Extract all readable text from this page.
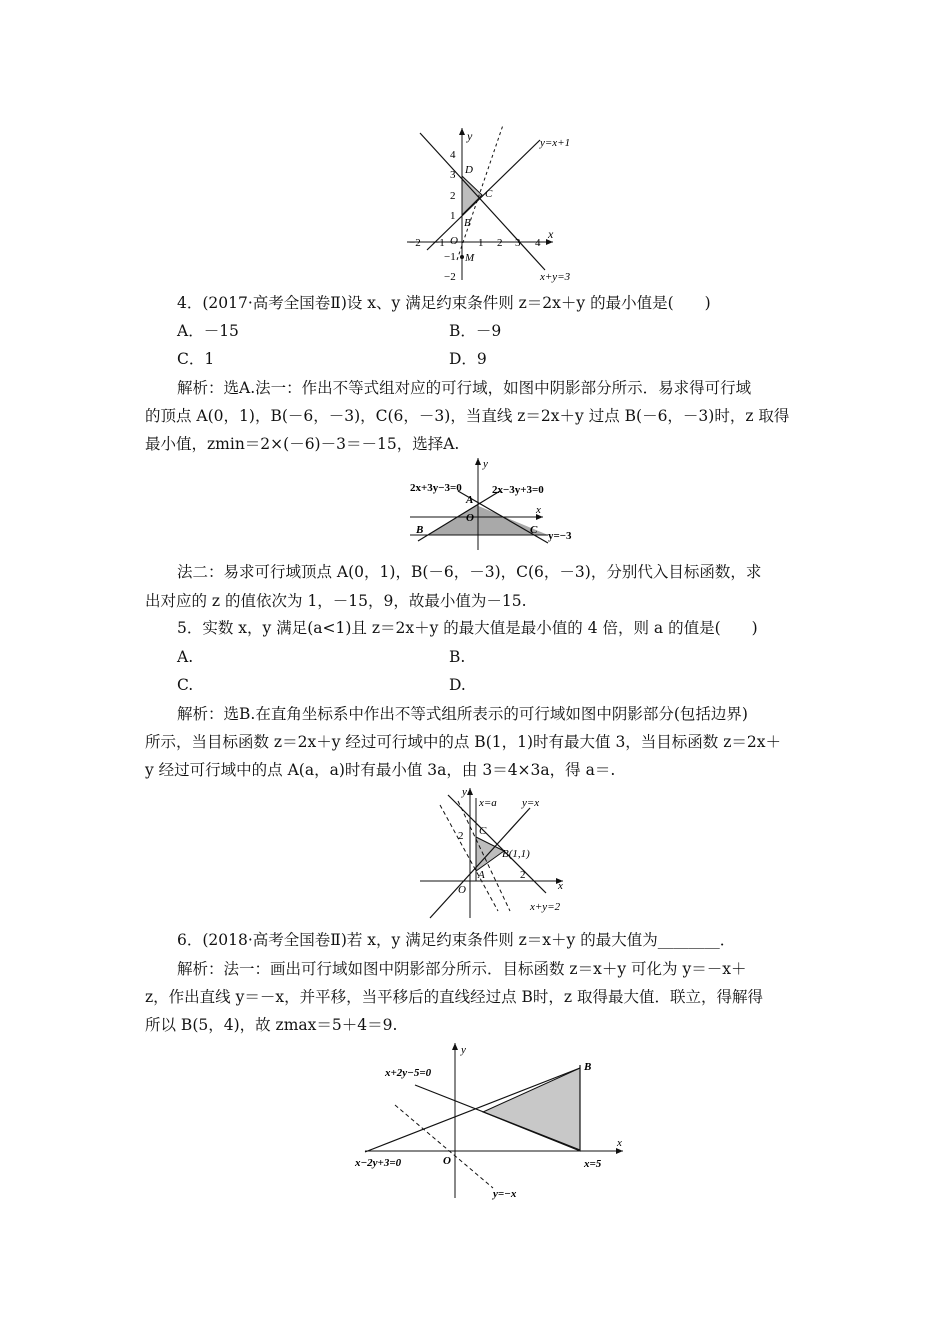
y
x
y=x+1
x+y=3
D
C
B
M
O
4
3
2
1
−1
−2
−2 −1	1 2 3 4
4．(2017·高考全国卷Ⅱ)设 x、y 满足约束条件则 z＝2x＋y 的最小值是(　　)
A．－15	B．－9
C．1	D．9
解析：选A.法一：作出不等式组对应的可行域，如图中阴影部分所示．易求得可行域
的顶点 A(0，1)，B(－6，－3)，C(6，－3)，当直线 z＝2x＋y 过点 B(－6，－3)时，z 取得
最小值，zmin＝2×(－6)－3＝－15，选择A.
y
x
2x+3y−3=0	2x−3y+3=0
y=−3
A
O
B	C
法二：易求可行域顶点 A(0，1)，B(－6，－3)，C(6，－3)，分别代入目标函数，求
出对应的 z 的值依次为 1，－15，9，故最小值为－15.
5．实数 x，y 满足(a<1)且 z＝2x＋y 的最大值是最小值的 4 倍，则 a 的值是(　　)
A.	B.
C.	D.
解析：选B.在直角坐标系中作出不等式组所表示的可行域如图中阴影部分(包括边界)
所示，当目标函数 z＝2x＋y 经过可行域中的点 B(1，1)时有最大值 3，当目标函数 z＝2x＋
y 经过可行域中的点 A(a，a)时有最小值 3a，由 3＝4×3a，得 a＝.
y
x
x=a y=x
x+y=2
C
B(1,1)
A
O
2
2
6．(2018·高考全国卷Ⅱ)若 x，y 满足约束条件则 z＝x＋y 的最大值为________．
解析：法一：画出可行域如图中阴影部分所示．目标函数 z＝x＋y 可化为 y＝－x＋
z，作出直线 y＝－x，并平移，当平移后的直线经过点 B时，z 取得最大值．联立，得解得
所以 B(5，4)，故 zmax＝5＋4＝9.
y
x
x+2y−5=0
x−2y+3=0
y=−x
x=5
B
O
